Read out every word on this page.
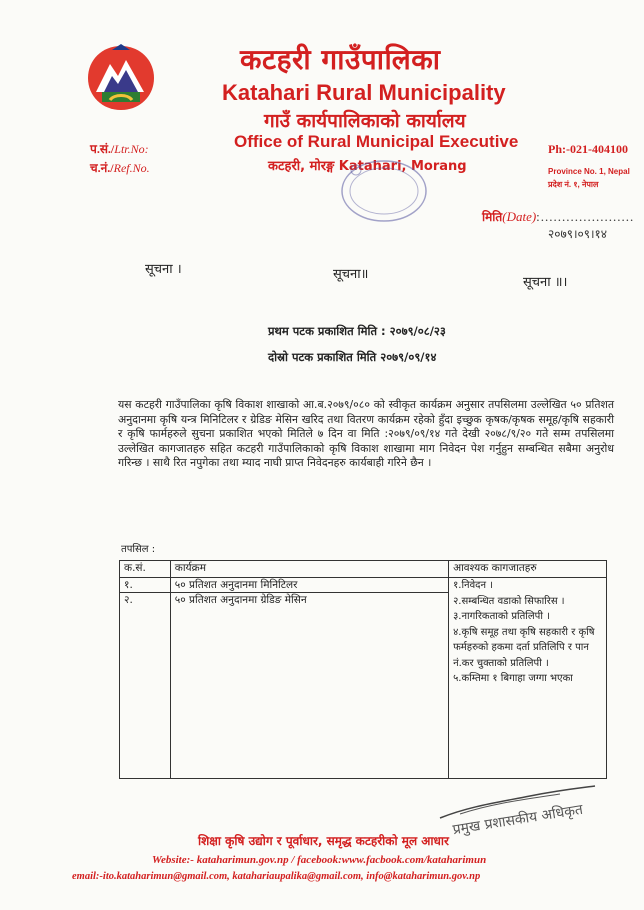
कटहरी गाउँपालिका
Katahari Rural Municipality
गाउँ कार्यपालिकाको कार्यालय
Office of Rural Municipal Executive
कटहरी, मोरङ्ग Katahari, Morang
प.सं./Ltr.No:
च.नं./Ref.No.
Ph:-021-404100
Province No. 1, Nepal
प्रदेश नं. १, नेपाल
मिति(Date):......................
२०७९।०९।१४
सूचना ।	सूचना॥
सूचना ॥।
प्रथम पटक प्रकाशित मिति : २०७९/०८/२३
दोस्रो पटक प्रकाशित मिति २०७९/०९/१४
यस कटहरी गाउँपालिका कृषि विकाश शाखाको आ.ब.२०७९/०८० को स्वीकृत कार्यक्रम अनुसार तपसिलमा उल्लेखित ५० प्रतिशत अनुदानमा कृषि यन्त्र मिनिटिलर र ग्रेडिङ मेसिन खरिद तथा वितरण कार्यक्रम रहेको हुँदा इच्छुक कृषक/कृषक समूह/कृषि सहकारी र कृषि फार्महरुले सुचना प्रकाशित भएको मितिले ७ दिन वा मिति :२०७९/०९/१४ गते देखी २०७८/९/२० गते सम्म तपसिलमा उल्लेखित कागजातहरु सहित कटहरी गाउँपालिकाको कृषि विकाश शाखामा माग निवेदन पेश गर्नुहुन सम्बन्धित सबैमा अनुरोध गरिन्छ । साथै रित नपुगेका तथा म्याद नाघी प्राप्त निवेदनहरु कार्यबाही गरिने छैन ।
तपसिल :
क.सं.	कार्यक्रम	आवश्यक कागजातहरु
१.	५० प्रतिशत अनुदानमा मिनिटिलर	१.निवेदन ।
२.सम्बन्धित वडाको सिफारिस ।
३.नागरिकताको प्रतिलिपी ।
४.कृषि समूह तथा कृषि सहकारी र कृषि फर्महरुको हकमा दर्ता प्रतिलिपि र पान नं.कर चुक्ताको प्रतिलिपी ।
५.कम्तिमा १ बिगाहा जग्गा भएका

२.	५० प्रतिशत अनुदानमा ग्रेडिङ मेसिन	
प्रमुख प्रशासकीय अधिकृत
शिक्षा कृषि उद्योग र पूर्वाधार, समृद्ध कटहरीको मूल आधार
Website:- kataharimun.gov.np / facebook:www.facbook.com/kataharimun
email:-ito.kataharimun@gmail.com, katahariaupalika@gmail.com, info@kataharimun.gov.np
